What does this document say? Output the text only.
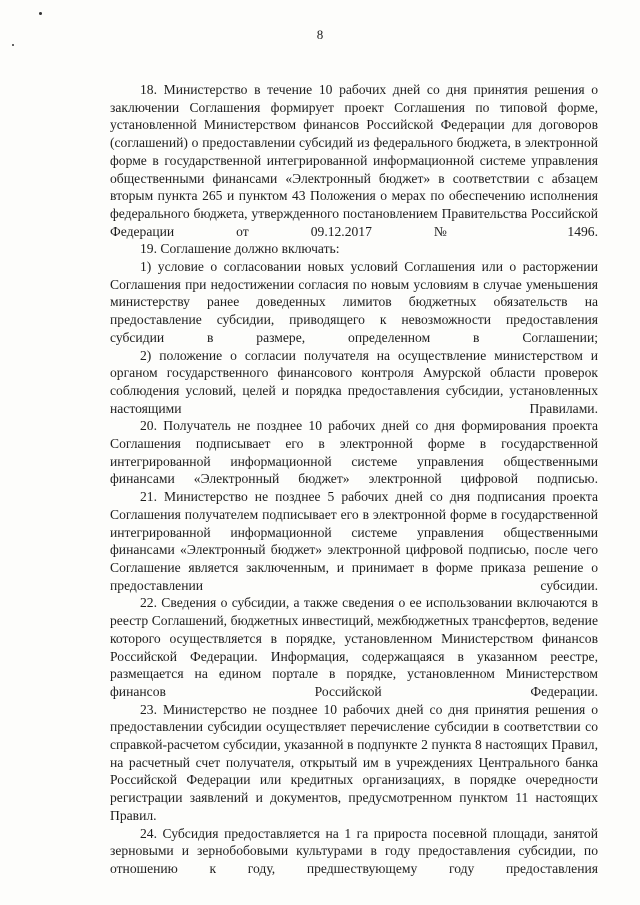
8

18. Министерство в течение 10 рабочих дней со дня принятия решения о заключении Соглашения формирует проект Соглашения по типовой форме, установленной Министерством финансов Российской Федерации для договоров (соглашений) о предоставлении субсидий из федерального бюджета, в электронной форме в государственной интегрированной информационной системе управления общественными финансами «Электронный бюджет» в соответствии с абзацем вторым пункта 265 и пунктом 43 Положения о мерах по обеспечению исполнения федерального бюджета, утвержденного постановлением Правительства Российской Федерации от 09.12.2017 № 1496.

19. Соглашение должно включать:

1) условие о согласовании новых условий Соглашения или о расторжении Соглашения при недостижении согласия по новым условиям в случае уменьшения министерству ранее доведенных лимитов бюджетных обязательств на предоставление субсидии, приводящего к невозможности предоставления субсидии в размере, определенном в Соглашении;

2) положение о согласии получателя на осуществление министерством и органом государственного финансового контроля Амурской области проверок соблюдения условий, целей и порядка предоставления субсидии, установленных настоящими Правилами.

20. Получатель не позднее 10 рабочих дней со дня формирования проекта Соглашения подписывает его в электронной форме в государственной интегрированной информационной системе управления общественными финансами «Электронный бюджет» электронной цифровой подписью.

21. Министерство не позднее 5 рабочих дней со дня подписания проекта Соглашения получателем подписывает его в электронной форме в государственной интегрированной информационной системе управления общественными финансами «Электронный бюджет» электронной цифровой подписью, после чего Соглашение является заключенным, и принимает в форме приказа решение о предоставлении субсидии.

22. Сведения о субсидии, а также сведения о ее использовании включаются в реестр Соглашений, бюджетных инвестиций, межбюджетных трансфертов, ведение которого осуществляется в порядке, установленном Министерством финансов Российской Федерации. Информация, содержащаяся в указанном реестре, размещается на едином портале в порядке, установленном Министерством финансов Российской Федерации.

23. Министерство не позднее 10 рабочих дней со дня принятия решения о предоставлении субсидии осуществляет перечисление субсидии в соответствии со справкой-расчетом субсидии, указанной в подпункте 2 пункта 8 настоящих Правил, на расчетный счет получателя, открытый им в учреждениях Центрального банка Российской Федерации или кредитных организациях, в порядке очередности регистрации заявлений и документов, предусмотренном пунктом 11 настоящих Правил.

24. Субсидия предоставляется на 1 га прироста посевной площади, занятой зерновыми и зернобобовыми культурами в году предоставления субсидии, по отношению к году, предшествующему году предоставления
